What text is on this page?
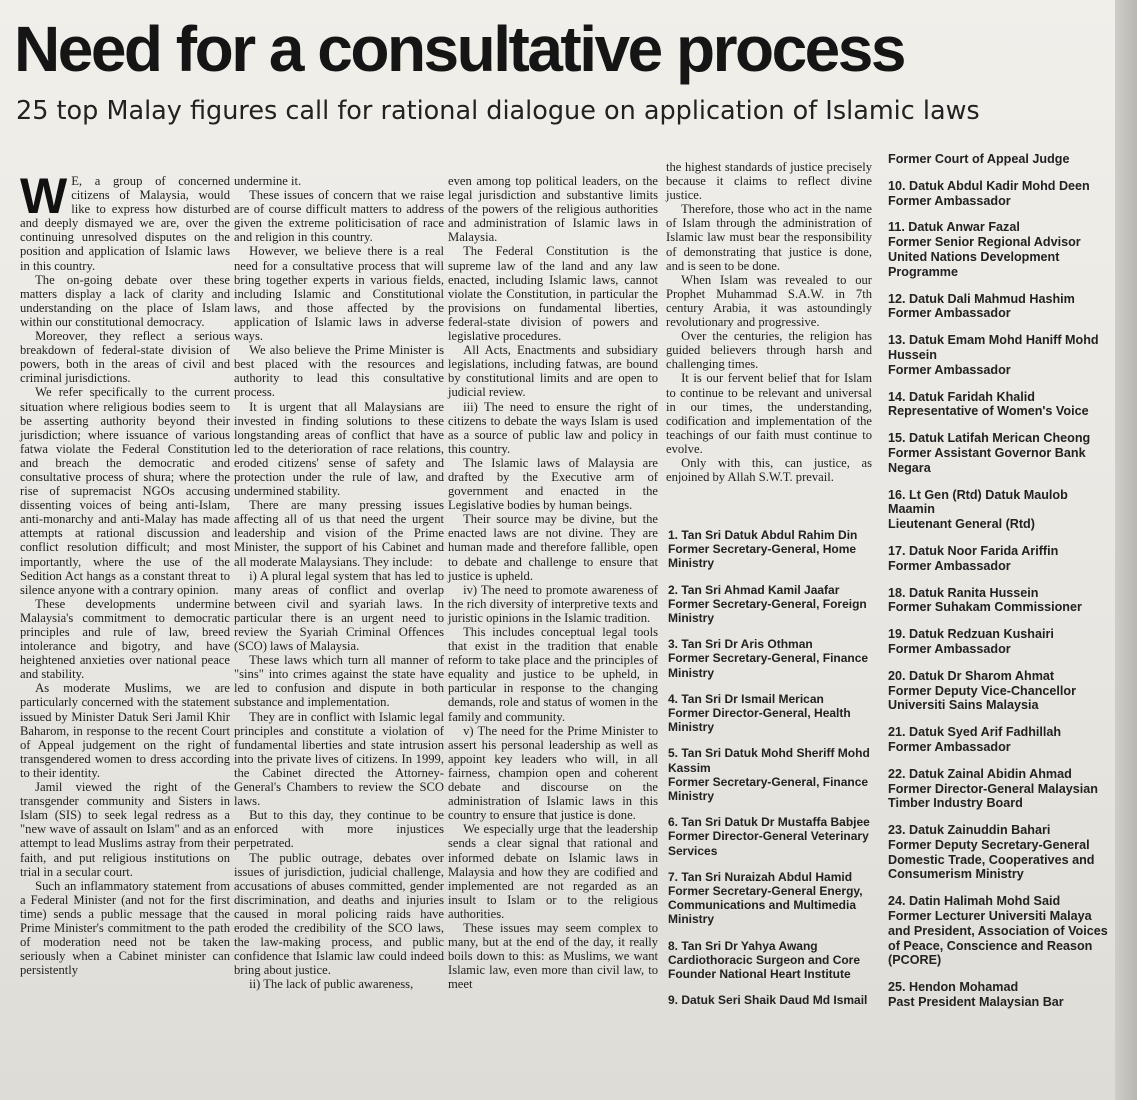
Need for a consultative process
25 top Malay figures call for rational dialogue on application of Islamic laws
W E, a group of concerned citizens of Malaysia, would like to express how disturbed and deeply dismayed we are, over the continuing unresolved disputes on the position and application of Islamic laws in this country.

The on-going debate over these matters display a lack of clarity and understanding on the place of Islam within our constitutional democracy.

Moreover, they reflect a serious breakdown of federal-state division of powers, both in the areas of civil and criminal jurisdictions.

We refer specifically to the current situation where religious bodies seem to be asserting authority beyond their jurisdiction; where issuance of various fatwa violate the Federal Constitution and breach the democratic and consultative process of shura; where the rise of supremacist NGOs accusing dissenting voices of being anti-Islam, anti-monarchy and anti-Malay has made attempts at rational discussion and conflict resolution difficult; and most importantly, where the use of the Sedition Act hangs as a constant threat to silence anyone with a contrary opinion.

These developments undermine Malaysia's commitment to democratic principles and rule of law, breed intolerance and bigotry, and have heightened anxieties over national peace and stability.

As moderate Muslims, we are particularly concerned with the statement issued by Minister Datuk Seri Jamil Khir Baharom, in response to the recent Court of Appeal judgement on the right of transgendered women to dress according to their identity.

Jamil viewed the right of the transgender community and Sisters in Islam (SIS) to seek legal redress as a "new wave of assault on Islam" and as an attempt to lead Muslims astray from their faith, and put religious institutions on trial in a secular court.

Such an inflammatory statement from a Federal Minister (and not for the first time) sends a public message that the Prime Minister's commitment to the path of moderation need not be taken seriously when a Cabinet minister can persistently

undermine it.

These issues of concern that we raise are of course difficult matters to address given the extreme politicisation of race and religion in this country.

However, we believe there is a real need for a consultative process that will bring together experts in various fields, including Islamic and Constitutional laws, and those affected by the application of Islamic laws in adverse ways.

We also believe the Prime Minister is best placed with the resources and authority to lead this consultative process.

It is urgent that all Malaysians are invested in finding solutions to these longstanding areas of conflict that have led to the deterioration of race relations, eroded citizens' sense of safety and protection under the rule of law, and undermined stability.

There are many pressing issues affecting all of us that need the urgent leadership and vision of the Prime Minister, the support of his Cabinet and all moderate Malaysians. They include:

i) A plural legal system that has led to many areas of conflict and overlap between civil and syariah laws. In particular there is an urgent need to review the Syariah Criminal Offences (SCO) laws of Malaysia.

These laws which turn all manner of "sins" into crimes against the state have led to confusion and dispute in both substance and implementation.

They are in conflict with Islamic legal principles and constitute a violation of fundamental liberties and state intrusion into the private lives of citizens. In 1999, the Cabinet directed the Attorney-General's Chambers to review the SCO laws.

But to this day, they continue to be enforced with more injustices perpetrated.

The public outrage, debates over issues of jurisdiction, judicial challenge, accusations of abuses committed, gender discrimination, and deaths and injuries caused in moral policing raids have eroded the credibility of the SCO laws, the law-making process, and public confidence that Islamic law could indeed bring about justice.

ii) The lack of public awareness,

even among top political leaders, on the legal jurisdiction and substantive limits of the powers of the religious authorities and administration of Islamic laws in Malaysia.

The Federal Constitution is the supreme law of the land and any law enacted, including Islamic laws, cannot violate the Constitution, in particular the provisions on fundamental liberties, federal-state division of powers and legislative procedures.

All Acts, Enactments and subsidiary legislations, including fatwas, are bound by constitutional limits and are open to judicial review.

iii) The need to ensure the right of citizens to debate the ways Islam is used as a source of public law and policy in this country.

The Islamic laws of Malaysia are drafted by the Executive arm of government and enacted in the Legislative bodies by human beings.

Their source may be divine, but the enacted laws are not divine. They are human made and therefore fallible, open to debate and challenge to ensure that justice is upheld.

iv) The need to promote awareness of the rich diversity of interpretive texts and juristic opinions in the Islamic tradition.

This includes conceptual legal tools that exist in the tradition that enable reform to take place and the principles of equality and justice to be upheld, in particular in response to the changing demands, role and status of women in the family and community.

v) The need for the Prime Minister to assert his personal leadership as well as appoint key leaders who will, in all fairness, champion open and coherent debate and discourse on the administration of Islamic laws in this country to ensure that justice is done.

We especially urge that the leadership sends a clear signal that rational and informed debate on Islamic laws in Malaysia and how they are codified and implemented are not regarded as an insult to Islam or to the religious authorities.

These issues may seem complex to many, but at the end of the day, it really boils down to this: as Muslims, we want Islamic law, even more than civil law, to meet

the highest standards of justice precisely because it claims to reflect divine justice.

Therefore, those who act in the name of Islam through the administration of Islamic law must bear the responsibility of demonstrating that justice is done, and is seen to be done.

When Islam was revealed to our Prophet Muhammad S.A.W. in 7th century Arabia, it was astoundingly revolutionary and progressive.

Over the centuries, the religion has guided believers through harsh and challenging times.

It is our fervent belief that for Islam to continue to be relevant and universal in our times, the understanding, codification and implementation of the teachings of our faith must continue to evolve.

Only with this, can justice, as enjoined by Allah S.W.T. prevail.

1. Tan Sri Datuk Abdul Rahim Din
Former Secretary-General, Home Ministry
2. Tan Sri Ahmad Kamil Jaafar
Former Secretary-General, Foreign Ministry
3. Tan Sri Dr Aris Othman
Former Secretary-General, Finance Ministry
4. Tan Sri Dr Ismail Merican
Former Director-General, Health Ministry
5. Tan Sri Datuk Mohd Sheriff Mohd Kassim
Former Secretary-General, Finance Ministry
6. Tan Sri Datuk Dr Mustaffa Babjee
Former Director-General Veterinary Services
7. Tan Sri Nuraizah Abdul Hamid
Former Secretary-General Energy, Communications and Multimedia Ministry
8. Tan Sri Dr Yahya Awang
Cardiothoracic Surgeon and Core Founder National Heart Institute
9. Datuk Seri Shaik Daud Md Ismail
Former Court of Appeal Judge
10. Datuk Abdul Kadir Mohd Deen
Former Ambassador
11. Datuk Anwar Fazal
Former Senior Regional Advisor United Nations Development Programme
12. Datuk Dali Mahmud Hashim
Former Ambassador
13. Datuk Emam Mohd Haniff Mohd Hussein
Former Ambassador
14. Datuk Faridah Khalid
Representative of Women's Voice
15. Datuk Latifah Merican Cheong
Former Assistant Governor Bank Negara
16. Lt Gen (Rtd) Datuk Maulob Maamin
Lieutenant General (Rtd)
17. Datuk Noor Farida Ariffin
Former Ambassador
18. Datuk Ranita Hussein
Former Suhakam Commissioner
19. Datuk Redzuan Kushairi
Former Ambassador
20. Datuk Dr Sharom Ahmat
Former Deputy Vice-Chancellor Universiti Sains Malaysia
21. Datuk Syed Arif Fadhillah
Former Ambassador
22. Datuk Zainal Abidin Ahmad
Former Director-General Malaysian Timber Industry Board
23. Datuk Zainuddin Bahari
Former Deputy Secretary-General Domestic Trade, Cooperatives and Consumerism Ministry
24. Datin Halimah Mohd Said
Former Lecturer Universiti Malaya and President, Association of Voices of Peace, Conscience and Reason (PCORE)
25. Hendon Mohamad
Past President Malaysian Bar
